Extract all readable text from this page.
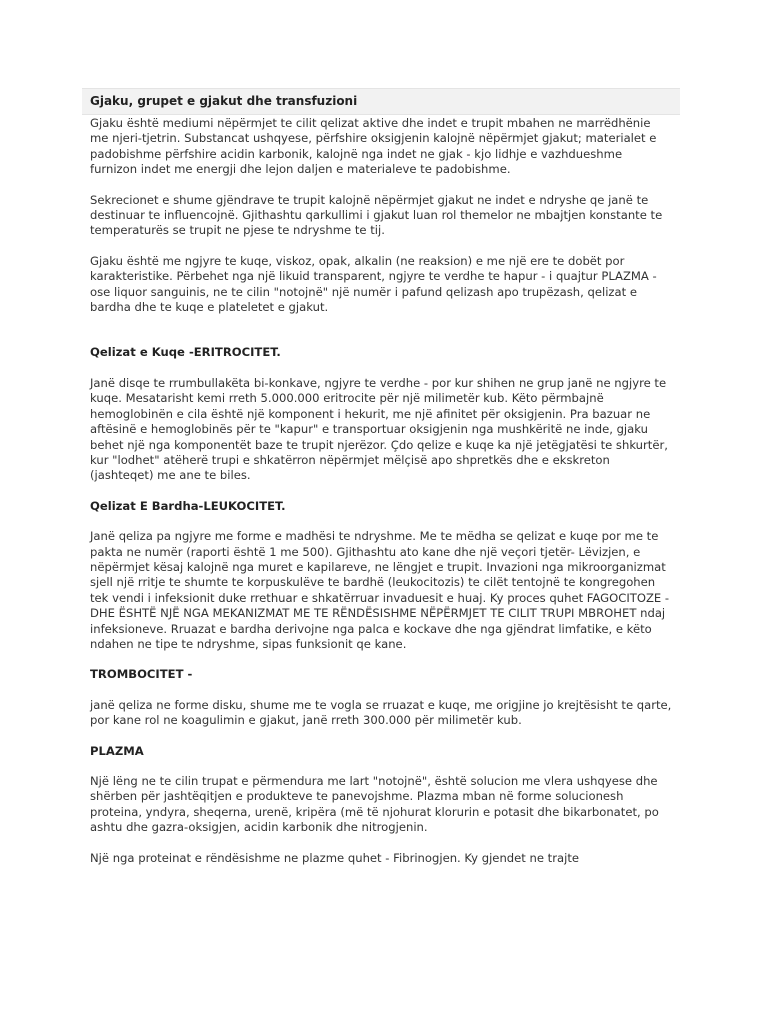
Gjaku, grupet e gjakut dhe transfuzioni

Gjaku është mediumi nëpërmjet te cilit qelizat aktive dhe indet e trupit mbahen ne marrëdhënie me njeri-tjetrin. Substancat ushqyese, përfshire oksigjenin kalojnë nëpërmjet gjakut; materialet e padobishme përfshire acidin karbonik, kalojnë nga indet ne gjak - kjo lidhje e vazhdueshme furnizon indet me energji dhe lejon daljen e materialeve te padobishme.

Sekrecionet e shume gjëndrave te trupit kalojnë nëpërmjet gjakut ne indet e ndryshe qe janë te destinuar te influencojnë. Gjithashtu qarkullimi i gjakut luan rol themelor ne mbajtjen konstante te temperaturës se trupit ne pjese te ndryshme te tij.

Gjaku është me ngjyre te kuqe, viskoz, opak, alkalin (ne reaksion) e me një ere te dobët por karakteristike. Përbehet nga një likuid transparent, ngjyre te verdhe te hapur - i quajtur PLAZMA - ose liquor sanguinis, ne te cilin "notojnë" një numër i pafund qelizash apo trupëzash, qelizat e bardha dhe te kuqe e plateletet e gjakut.

Qelizat e Kuqe -ERITROCITET.

Janë disqe te rrumbullakëta bi-konkave, ngjyre te verdhe - por kur shihen ne grup janë ne ngjyre te kuqe. Mesatarisht kemi rreth 5.000.000 eritrocite për një milimetër kub. Këto përmbajnë hemoglobinën e cila është një komponent i hekurit, me një afinitet për oksigjenin. Pra bazuar ne aftësinë e hemoglobinës për te "kapur" e transportuar oksigjenin nga mushkëritë ne inde, gjaku behet një nga komponentët baze te trupit njerëzor. Çdo qelize e kuqe ka një jetëgjatësi te shkurtër, kur "lodhet" atëherë trupi e shkatërron nëpërmjet mëlçisë apo shpretkës dhe e ekskreton (jashteqet) me ane te biles.

Qelizat E Bardha-LEUKOCITET.

Janë qeliza pa ngjyre me forme e madhësi te ndryshme. Me te mëdha se qelizat e kuqe por me te pakta ne numër (raporti është 1 me 500). Gjithashtu ato kane dhe një veçori tjetër- Lëvizjen, e nëpërmjet kësaj kalojnë nga muret e kapilareve, ne lëngjet e trupit. Invazioni nga mikroorganizmat sjell një rritje te shumte te korpuskulëve te bardhë (leukocitozis) te cilët tentojnë te kongregohen tek vendi i infeksionit duke rrethuar e shkatërruar invaduesit e huaj. Ky proces quhet FAGOCITOZE - DHE ËSHTË NJË NGA MEKANIZMAT ME TE RËNDËSISHME NËPËRMJET TE CILIT TRUPI MBROHET ndaj infeksioneve. Rruazat e bardha derivojne nga palca e kockave dhe nga gjëndrat limfatike, e këto ndahen ne tipe te ndryshme, sipas funksionit qe kane.

TROMBOCITET -

janë qeliza ne forme disku, shume me te vogla se rruazat e kuqe, me origjine jo krejtësisht te qarte, por kane rol ne koagulimin e gjakut, janë rreth 300.000 për milimetër kub.

PLAZMA

Një lëng ne te cilin trupat e përmendura me lart "notojnë", është solucion me vlera ushqyese dhe shërben për jashtëqitjen e produkteve te panevojshme. Plazma mban në forme solucionesh proteina, yndyra, sheqerna, urenë, kripëra (më të njohurat klorurin e potasit dhe bikarbonatet, po ashtu dhe gazra-oksigjen, acidin karbonik dhe nitrogjenin.

Një nga proteinat e rëndësishme ne plazme quhet - Fibrinogjen. Ky gjendet ne trajte
